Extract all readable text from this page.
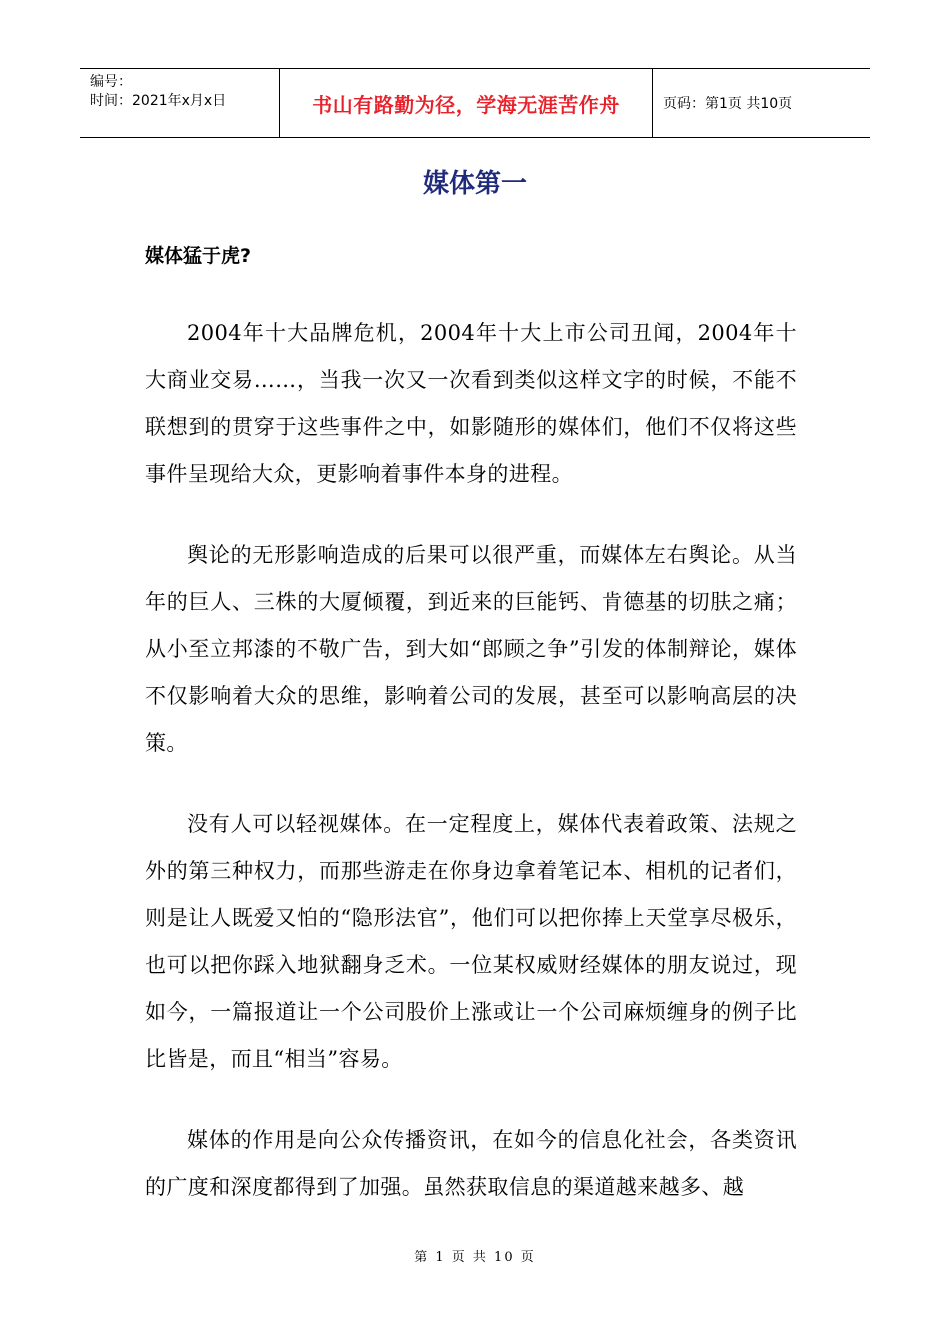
编号：
时间：2021年x月x日	书山有路勤为径，学海无涯苦作舟	页码：第1页 共10页
媒体第一
媒体猛于虎?

2004年十大品牌危机，2004年十大上市公司丑闻，2004年十大商业交易……，当我一次又一次看到类似这样文字的时候，不能不联想到的贯穿于这些事件之中，如影随形的媒体们，他们不仅将这些事件呈现给大众，更影响着事件本身的进程。

舆论的无形影响造成的后果可以很严重，而媒体左右舆论。从当年的巨人、三株的大厦倾覆，到近来的巨能钙、肯德基的切肤之痛；从小至立邦漆的不敬广告，到大如“郎顾之争”引发的体制辩论，媒体不仅影响着大众的思维，影响着公司的发展，甚至可以影响高层的决策。

没有人可以轻视媒体。在一定程度上，媒体代表着政策、法规之外的第三种权力，而那些游走在你身边拿着笔记本、相机的记者们，则是让人既爱又怕的“隐形法官”，他们可以把你捧上天堂享尽极乐，也可以把你踩入地狱翻身乏术。一位某权威财经媒体的朋友说过，现如今，一篇报道让一个公司股价上涨或让一个公司麻烦缠身的例子比比皆是，而且“相当”容易。

媒体的作用是向公众传播资讯，在如今的信息化社会，各类资讯的广度和深度都得到了加强。虽然获取信息的渠道越来越多、越

第 1 页 共 10 页
